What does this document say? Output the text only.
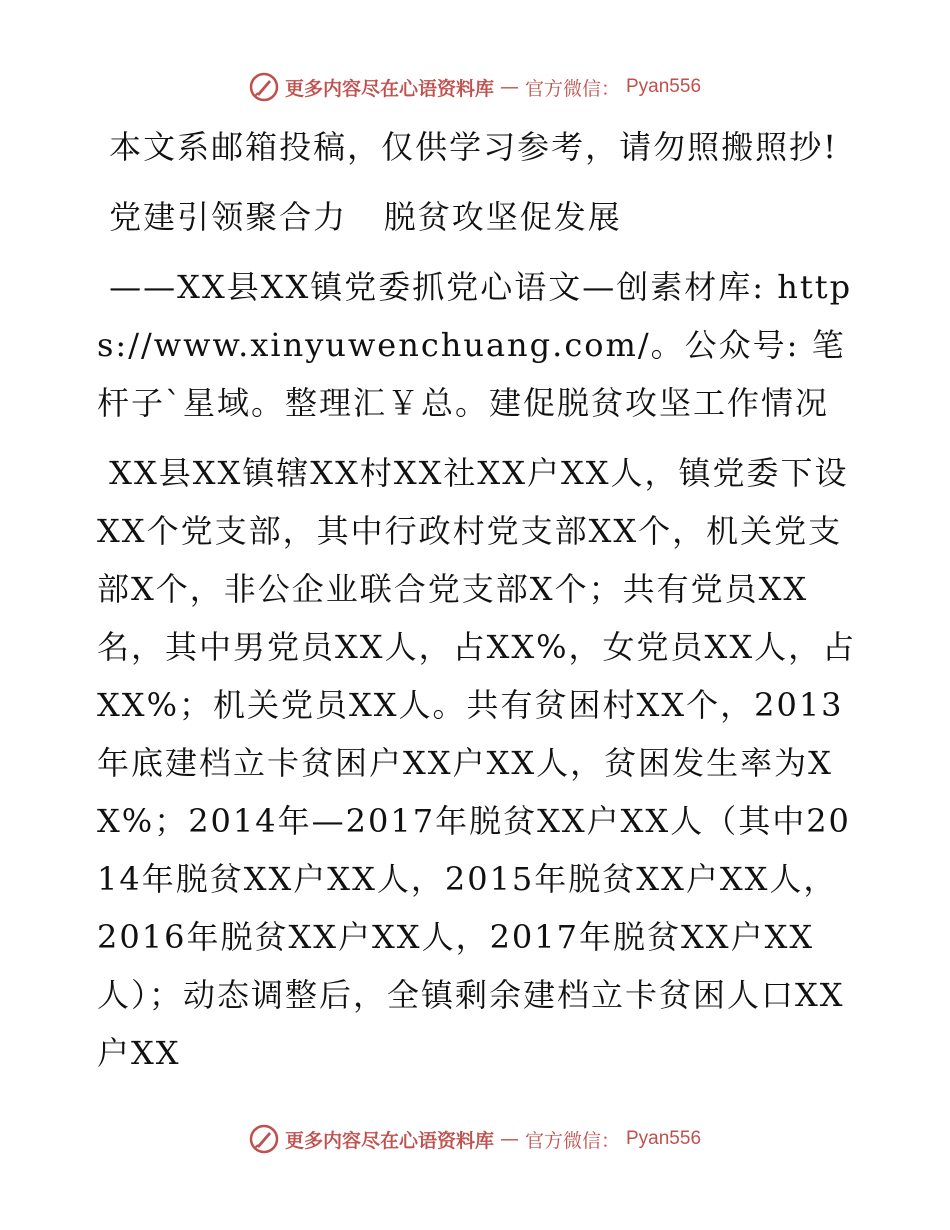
更多内容尽在心语资料库 — 官方微信： Pyan556

本文系邮箱投稿，仅供学习参考，请勿照搬照抄!

党建引领聚合力   脱贫攻坚促发展

——XX县XX镇党委抓党心语文—创素材库: https://www.xinyuwenchuang.com/。公众号: 笔杆子`星域。整理汇￥总。建促脱贫攻坚工作情况

XX县XX镇辖XX村XX社XX户XX人，镇党委下设XX个党支部，其中行政村党支部XX个，机关党支部X个，非公企业联合党支部X个；共有党员XX名，其中男党员XX人，占XX%，女党员XX人，占XX%；机关党员XX人。共有贫困村XX个，2013年底建档立卡贫困户XX户XX人，贫困发生率为XX%；2014年—2017年脱贫XX户XX人（其中2014年脱贫XX户XX人，2015年脱贫XX户XX人，2016年脱贫XX户XX人，2017年脱贫XX户XX人）；动态调整后，全镇剩余建档立卡贫困人口XX户XX

更多内容尽在心语资料库 — 官方微信： Pyan556
